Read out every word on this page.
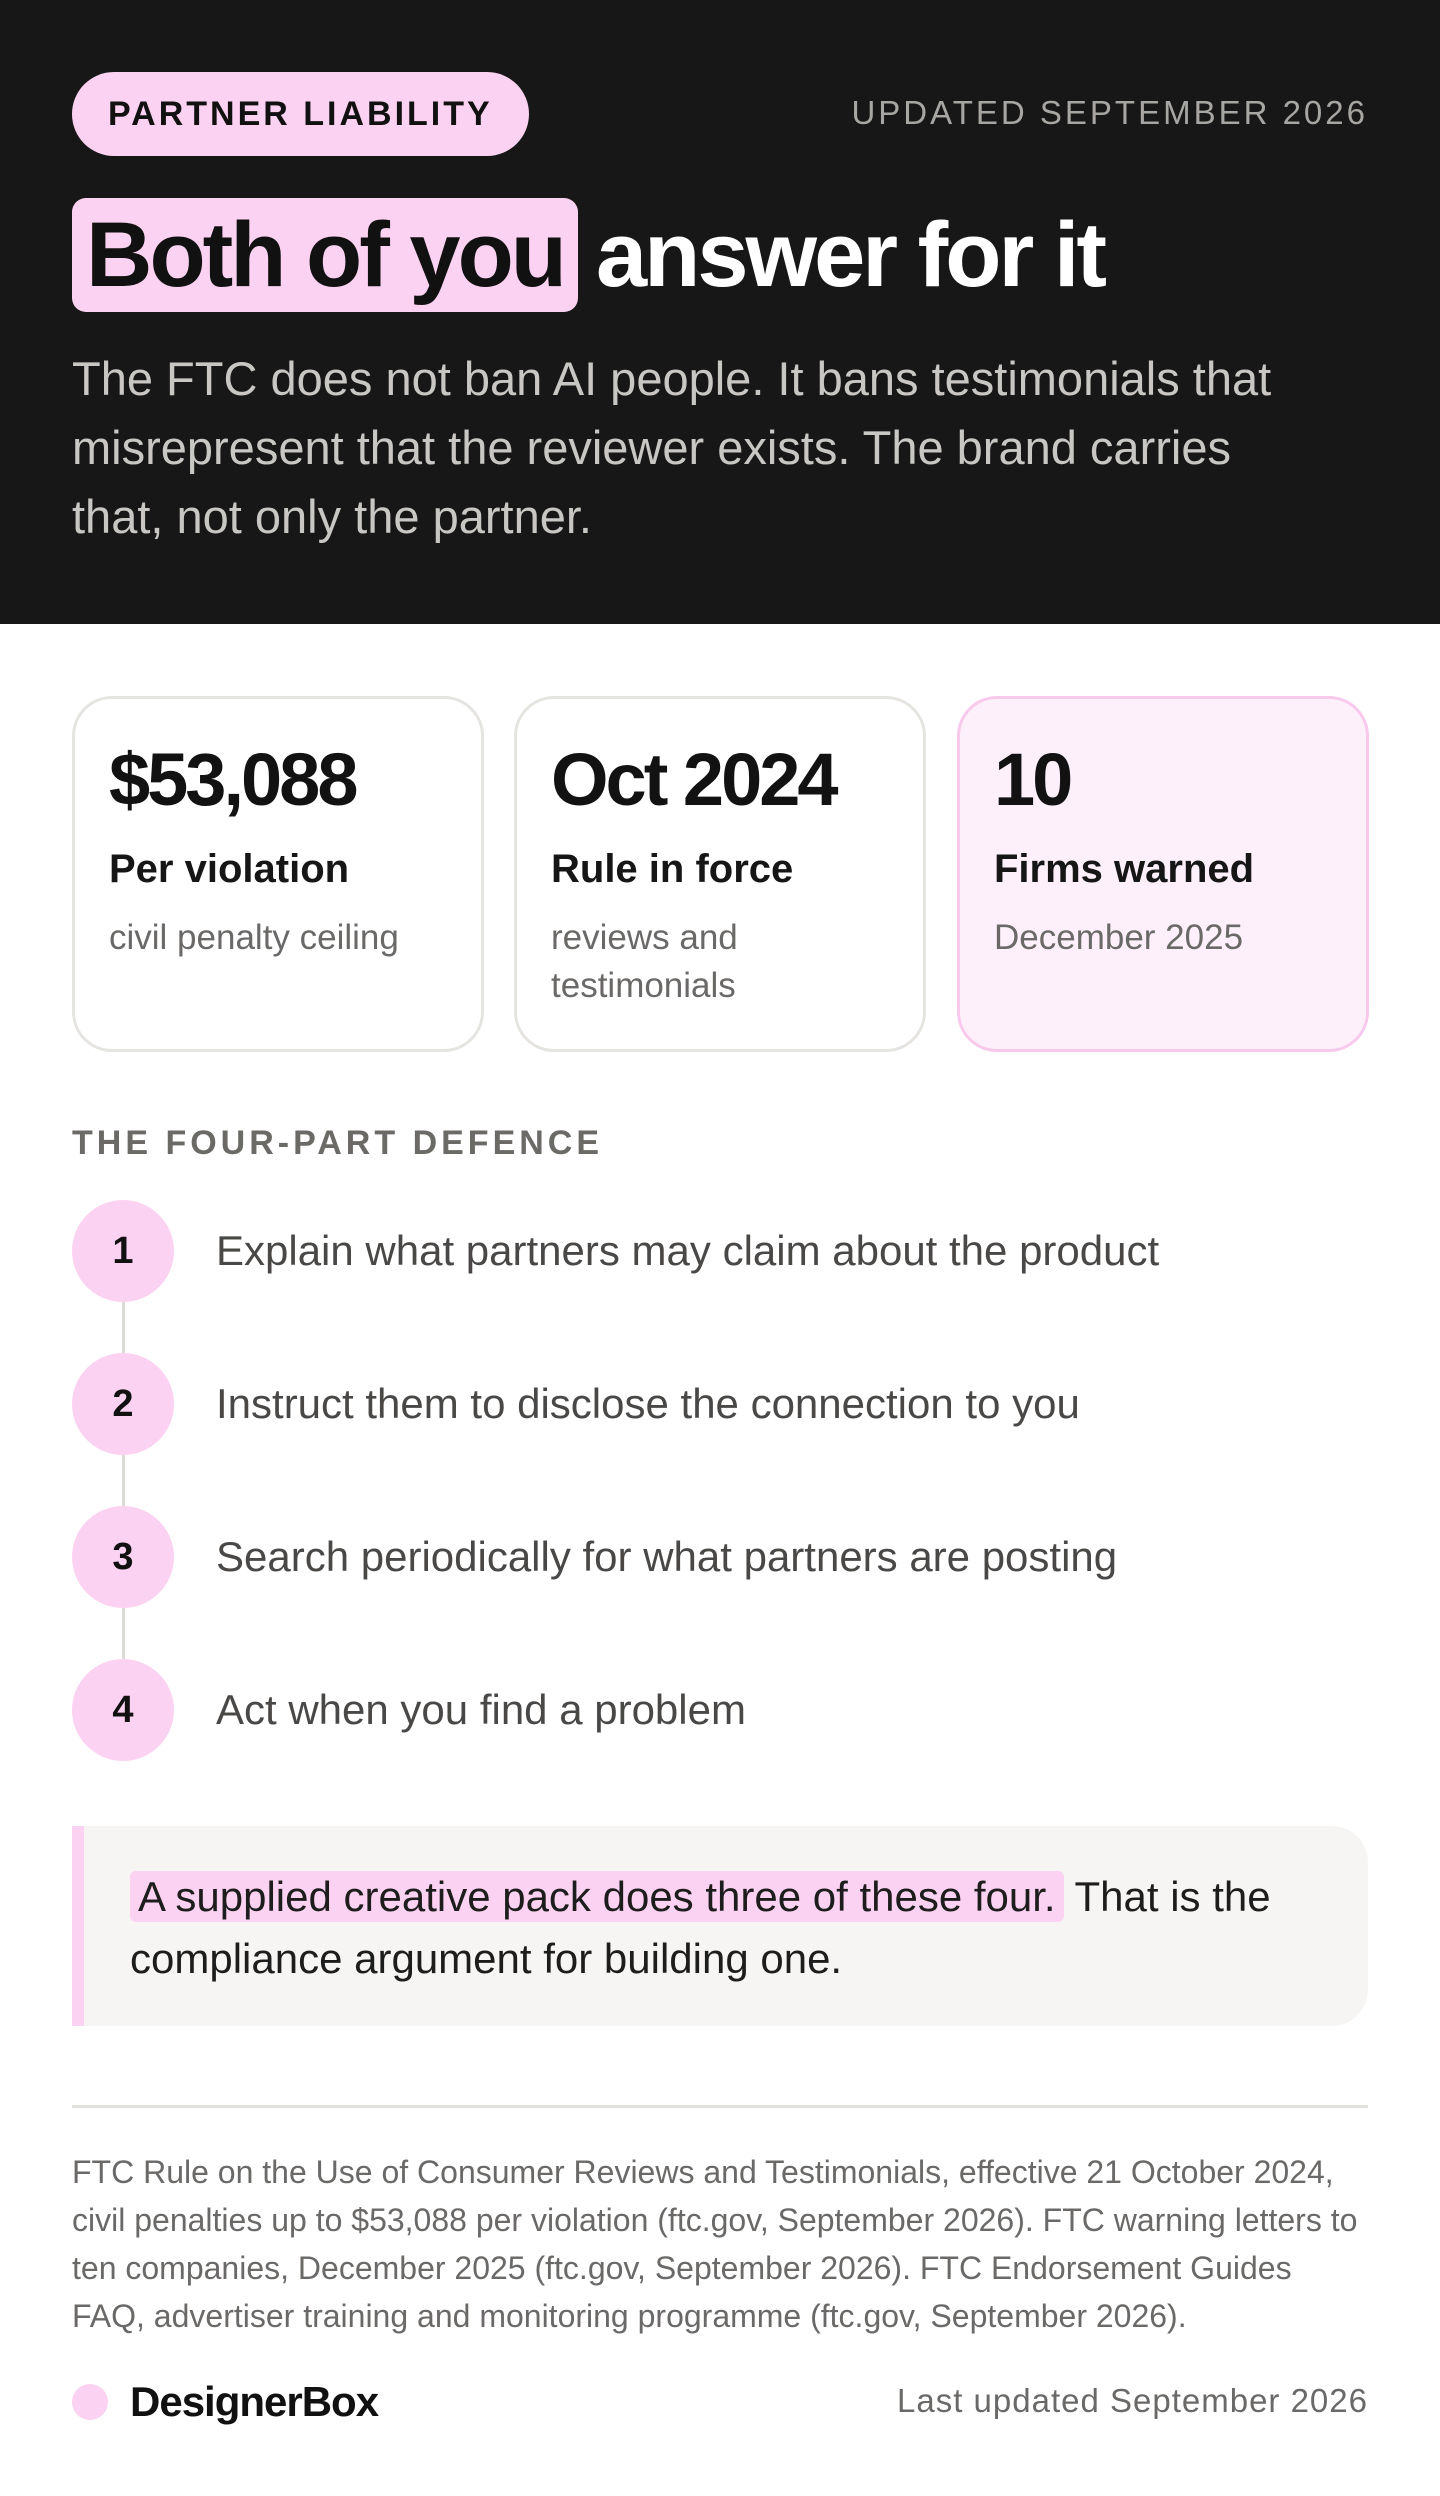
PARTNER LIABILITY	UPDATED SEPTEMBER 2026
Both of you answer for it

The FTC does not ban AI people. It bans testimonials that misrepresent that the reviewer exists. The brand carries that, not only the partner.

$53,088
Per violation
civil penalty ceiling
Oct 2024
Rule in force
reviews and testimonials
10
Firms warned
December 2025
THE FOUR-PART DEFENCE
1	Explain what partners may claim about the product
2	Instruct them to disclose the connection to you
3	Search periodically for what partners are posting
4	Act when you find a problem
A supplied creative pack does three of these four. That is the compliance argument for building one.

FTC Rule on the Use of Consumer Reviews and Testimonials, effective 21 October 2024, civil penalties up to $53,088 per violation (ftc.gov, September 2026). FTC warning letters to ten companies, December 2025 (ftc.gov, September 2026). FTC Endorsement Guides FAQ, advertiser training and monitoring programme (ftc.gov, September 2026).

DesignerBox	Last updated September 2026
